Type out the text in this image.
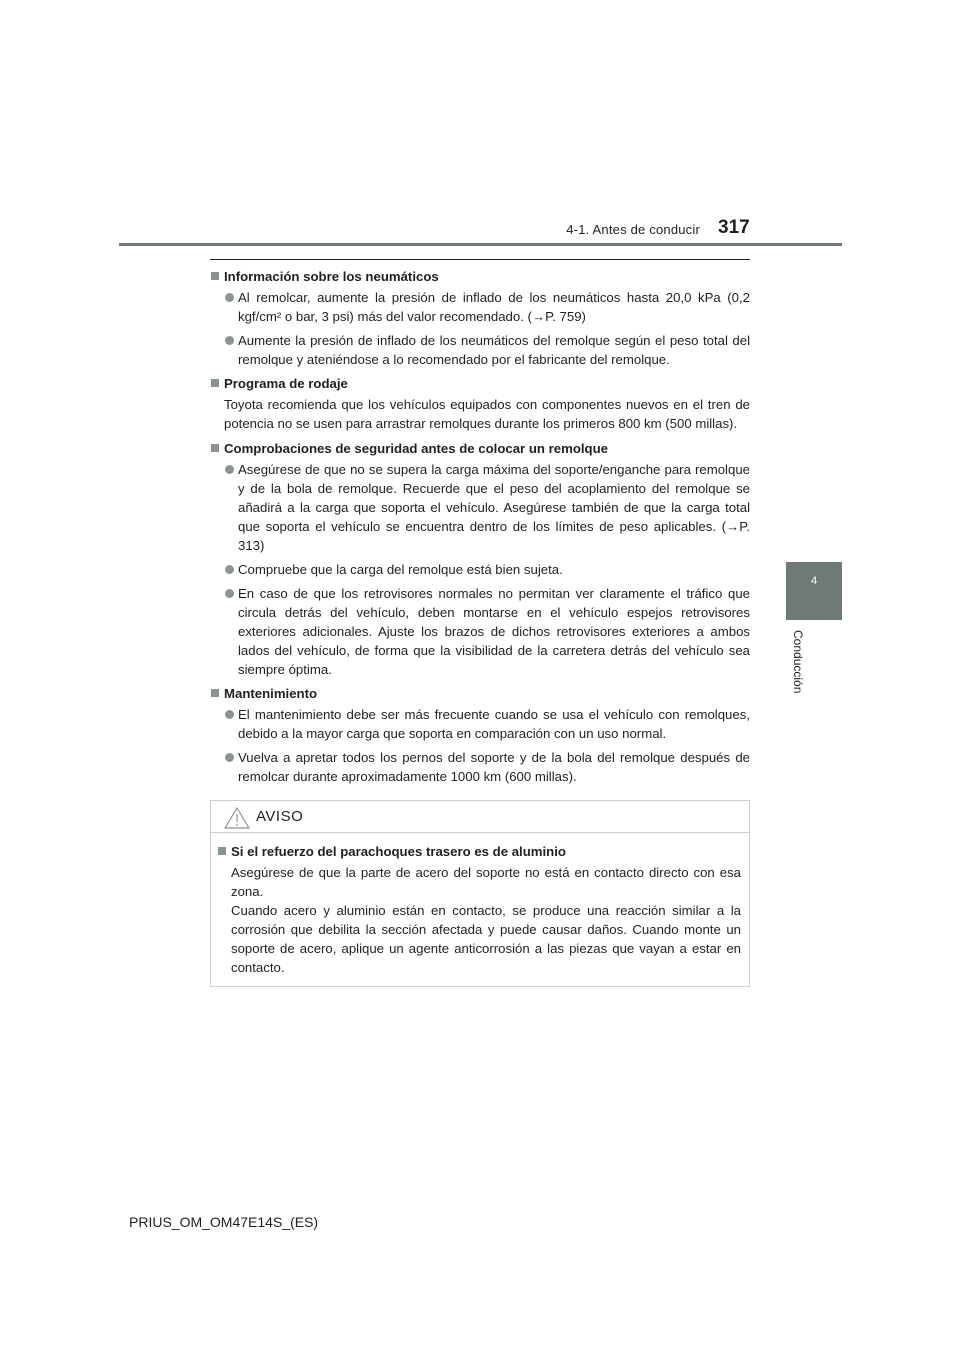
4-1. Antes de conducir 317
4
Conducción
Información sobre los neumáticos
Al remolcar, aumente la presión de inflado de los neumáticos hasta 20,0 kPa (0,2 kgf/cm² o bar, 3 psi) más del valor recomendado. (→P. 759)
Aumente la presión de inflado de los neumáticos del remolque según el peso total del remolque y ateniéndose a lo recomendado por el fabricante del remolque.
Programa de rodaje
Toyota recomienda que los vehículos equipados con componentes nuevos en el tren de potencia no se usen para arrastrar remolques durante los primeros 800 km (500 millas).
Comprobaciones de seguridad antes de colocar un remolque
Asegúrese de que no se supera la carga máxima del soporte/enganche para remolque y de la bola de remolque. Recuerde que el peso del acoplamiento del remolque se añadirá a la carga que soporta el vehículo. Asegúrese también de que la carga total que soporta el vehículo se encuentra dentro de los límites de peso aplicables. (→P. 313)
Compruebe que la carga del remolque está bien sujeta.
En caso de que los retrovisores normales no permitan ver claramente el tráfico que circula detrás del vehículo, deben montarse en el vehículo espejos retrovisores exteriores adicionales. Ajuste los brazos de dichos retrovisores exteriores a ambos lados del vehículo, de forma que la visibilidad de la carretera detrás del vehículo sea siempre óptima.
Mantenimiento
El mantenimiento debe ser más frecuente cuando se usa el vehículo con remolques, debido a la mayor carga que soporta en comparación con un uso normal.
Vuelva a apretar todos los pernos del soporte y de la bola del remolque después de remolcar durante aproximadamente 1000 km (600 millas).
AVISO
Si el refuerzo del parachoques trasero es de aluminio
Asegúrese de que la parte de acero del soporte no está en contacto directo con esa zona.
Cuando acero y aluminio están en contacto, se produce una reacción similar a la corrosión que debilita la sección afectada y puede causar daños. Cuando monte un soporte de acero, aplique un agente anticorrosión a las piezas que vayan a estar en contacto.
PRIUS_OM_OM47E14S_(ES)
